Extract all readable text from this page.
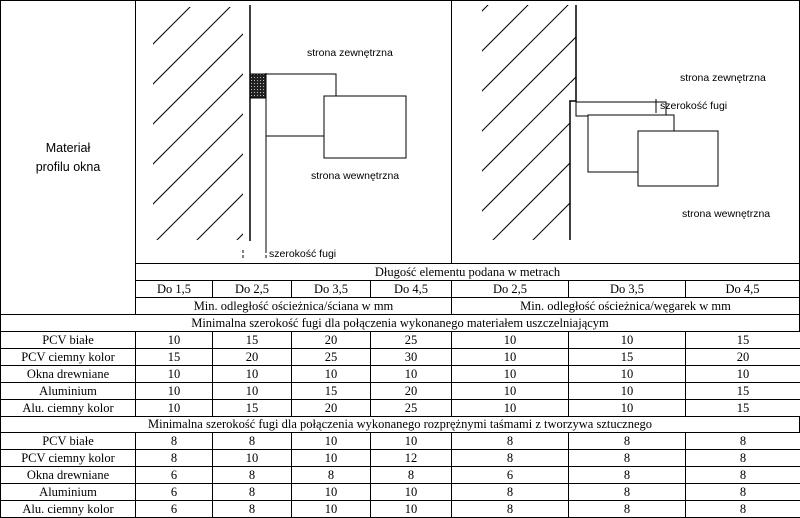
Materiał
profilu okna
strona zewnętrzna
strona wewnętrzna
szerokość fugi
strona zewnętrzna
szerokość fugi
strona wewnętrzna
Długość elementu podana w metrach
Do 1,5	Do 2,5	Do 3,5	Do 4,5	Do 2,5	Do 3,5	Do 4,5
Min. odległość ościeżnica/ściana w mm	Min. odległość ościeżnica/węgarek w mm
Minimalna szerokość fugi dla połączenia wykonanego materiałem uszczelniającym
PCV białe	10	15	20	25	10	10	15
PCV ciemny kolor	15	20	25	30	10	15	20
Okna drewniane	10	10	10	10	10	10	10
Aluminium	10	10	15	20	10	10	15
Alu. ciemny kolor	10	15	20	25	10	10	15
Minimalna szerokość fugi dla połączenia wykonanego rozprężnymi taśmami z tworzywa sztucznego
PCV białe	8	8	10	10	8	8	8
PCV ciemny kolor	8	10	10	12	8	8	8
Okna drewniane	6	8	8	8	6	8	8
Aluminium	6	8	10	10	8	8	8
Alu. ciemny kolor	6	8	10	10	8	8	8
